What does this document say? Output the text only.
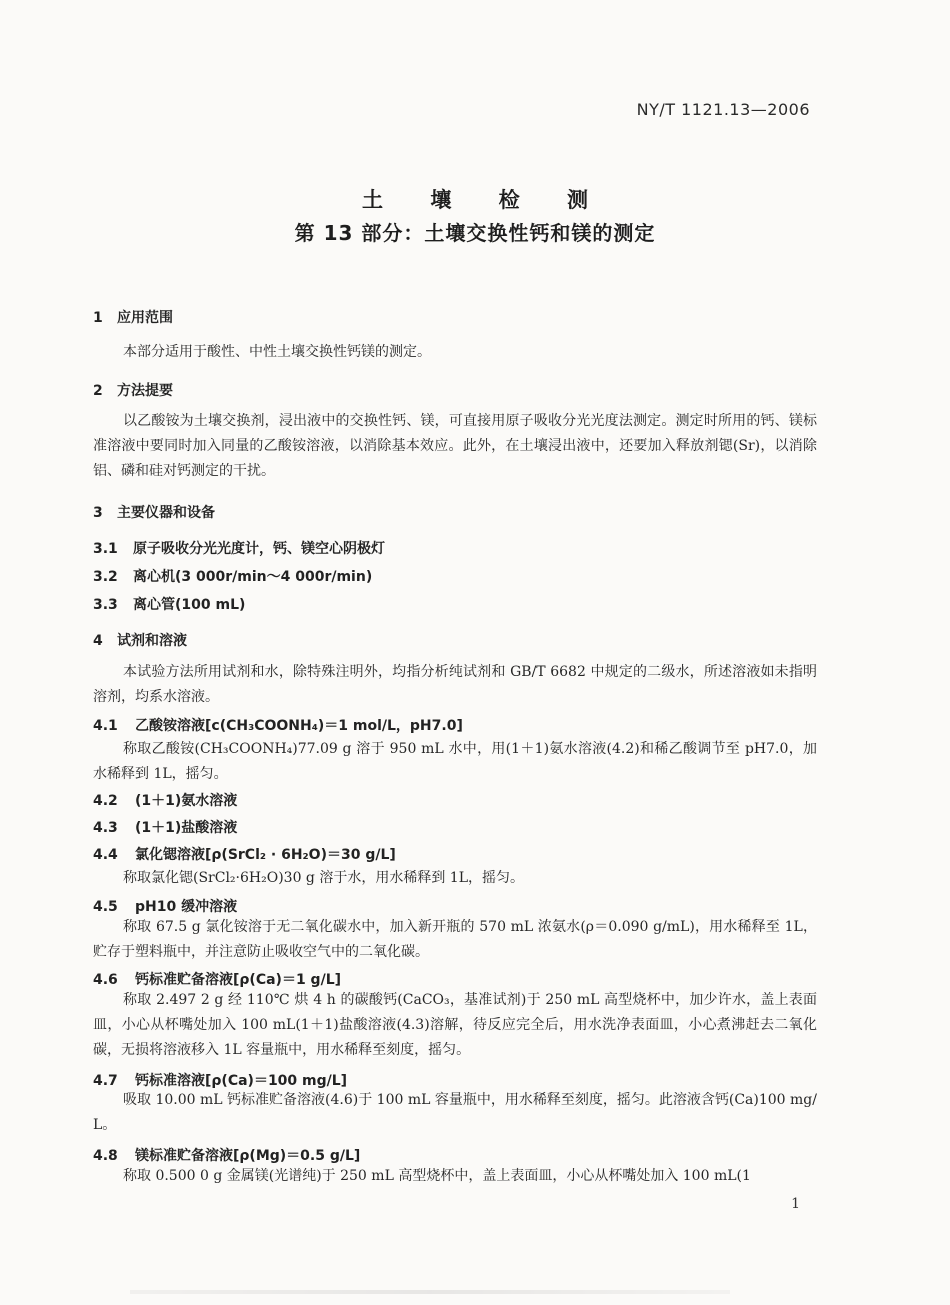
NY/T 1121.13—2006
土 壤 检 测
第 13 部分：土壤交换性钙和镁的测定
1 应用范围
本部分适用于酸性、中性土壤交换性钙镁的测定。
2 方法提要
以乙酸铵为土壤交换剂，浸出液中的交换性钙、镁，可直接用原子吸收分光光度法测定。测定时所用的钙、镁标准溶液中要同时加入同量的乙酸铵溶液，以消除基本效应。此外，在土壤浸出液中，还要加入释放剂锶(Sr)，以消除铝、磷和硅对钙测定的干扰。
3 主要仪器和设备
3.1 原子吸收分光光度计，钙、镁空心阴极灯
3.2 离心机(3 000r/min～4 000r/min)
3.3 离心管(100 mL)
4 试剂和溶液
本试验方法所用试剂和水，除特殊注明外，均指分析纯试剂和 GB/T 6682 中规定的二级水，所述溶液如未指明溶剂，均系水溶液。
4.1 乙酸铵溶液[c(CH₃COONH₄)＝1 mol/L，pH7.0]
称取乙酸铵(CH₃COONH₄)77.09 g 溶于 950 mL 水中，用(1＋1)氨水溶液(4.2)和稀乙酸调节至 pH7.0，加水稀释到 1L，摇匀。
4.2 (1＋1)氨水溶液
4.3 (1＋1)盐酸溶液
4.4 氯化锶溶液[ρ(SrCl₂ · 6H₂O)＝30 g/L]
称取氯化锶(SrCl₂·6H₂O)30 g 溶于水，用水稀释到 1L，摇匀。
4.5 pH10 缓冲溶液
称取 67.5 g 氯化铵溶于无二氧化碳水中，加入新开瓶的 570 mL 浓氨水(ρ＝0.090 g/mL)，用水稀释至 1L，贮存于塑料瓶中，并注意防止吸收空气中的二氧化碳。
4.6 钙标准贮备溶液[ρ(Ca)＝1 g/L]
称取 2.497 2 g 经 110℃ 烘 4 h 的碳酸钙(CaCO₃，基准试剂)于 250 mL 高型烧杯中，加少许水，盖上表面皿，小心从杯嘴处加入 100 mL(1＋1)盐酸溶液(4.3)溶解，待反应完全后，用水洗净表面皿，小心煮沸赶去二氧化碳，无损将溶液移入 1L 容量瓶中，用水稀释至刻度，摇匀。
4.7 钙标准溶液[ρ(Ca)＝100 mg/L]
吸取 10.00 mL 钙标准贮备溶液(4.6)于 100 mL 容量瓶中，用水稀释至刻度，摇匀。此溶液含钙(Ca)100 mg/L。
4.8 镁标准贮备溶液[ρ(Mg)＝0.5 g/L]
称取 0.500 0 g 金属镁(光谱纯)于 250 mL 高型烧杯中，盖上表面皿，小心从杯嘴处加入 100 mL(1
1
